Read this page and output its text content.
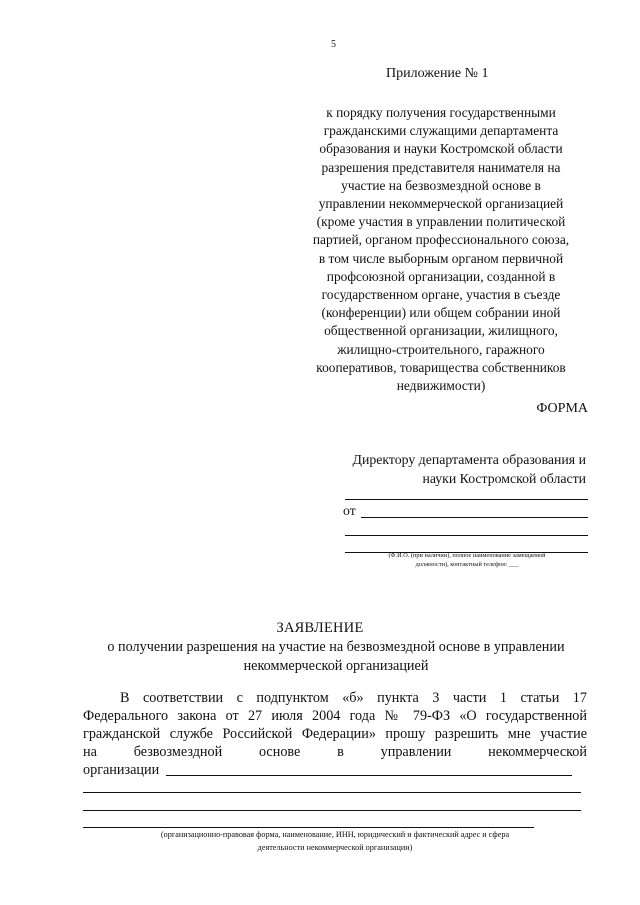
5
Приложение № 1
к порядку получения государственными
гражданскими служащими департамента
образования и науки Костромской области
разрешения представителя нанимателя на
участие на безвозмездной основе в
управлении некоммерческой организацией
(кроме участия в управлении политической
партией, органом профессионального союза,
в том числе выборным органом первичной
профсоюзной организации, созданной в
государственном органе, участия в съезде
(конференции) или общем собрании иной
общественной организации, жилищного,
жилищно-строительного, гаражного
кооперативов, товарищества собственников
недвижимости)
ФОРМА
Директору департамента образования и
науки Костромской области
от
(Ф.И.О. (при наличии), полное наименование замещаемой
должности), контактный телефон: ___
ЗАЯВЛЕНИЕ
о получении разрешения на участие на безвозмездной основе в управлении
некоммерческой организацией
В соответствии с подпунктом «б» пункта 3 части 1 статьи 17
Федерального закона от 27 июля 2004 года № 79-ФЗ «О государственной
гражданской службе Российской Федерации» прошу разрешить мне участие
на безвозмездной основе в управлении некоммерческой
организации
(организационно-правовая форма, наименование, ИНН, юридический и фактический адрес и сфера
деятельности некоммерческой организации)
